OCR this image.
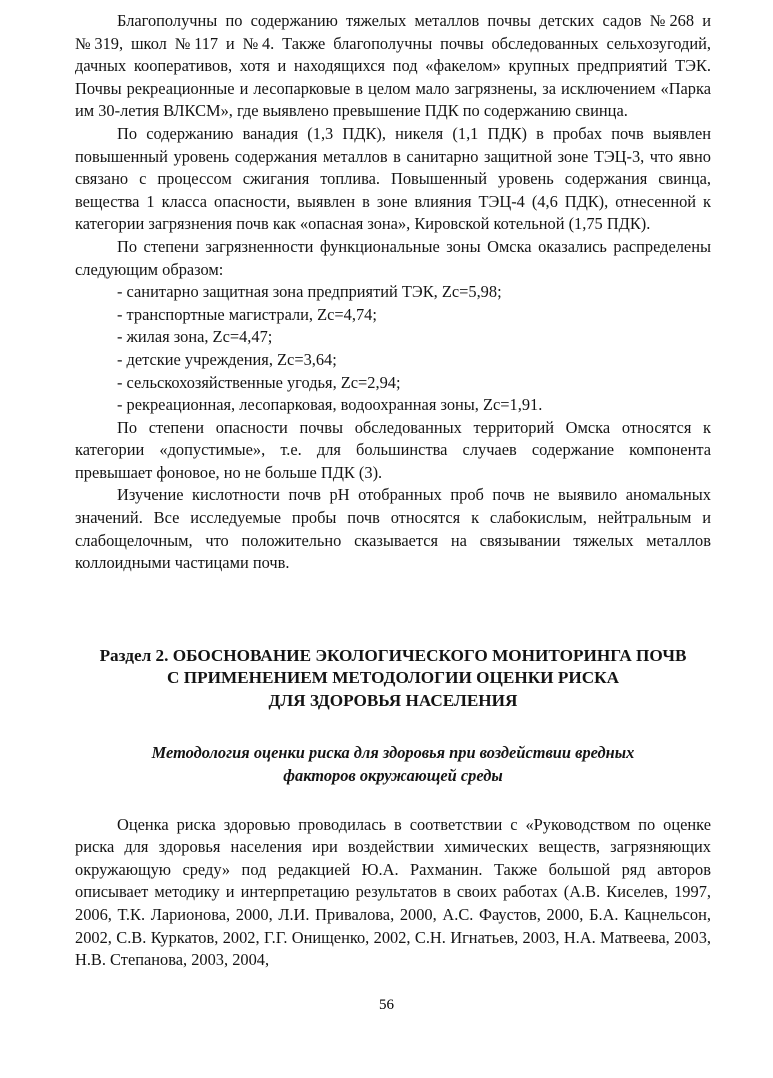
Благополучны по содержанию тяжелых металлов почвы детских садов №268 и №319, школ №117 и №4. Также благополучны почвы обследованных сельхозугодий, дачных кооперативов, хотя и находящихся под «факелом» крупных предприятий ТЭК. Почвы рекреационные и лесопарковые в целом мало загрязнены, за исключением «Парка им 30-летия ВЛКСМ», где выявлено превышение ПДК по содержанию свинца.

По содержанию ванадия (1,3 ПДК), никеля (1,1 ПДК) в пробах почв выявлен повышенный уровень содержания металлов в санитарно защитной зоне ТЭЦ-3, что явно связано с процессом сжигания топлива. Повышенный уровень содержания свинца, вещества 1 класса опасности, выявлен в зоне влияния ТЭЦ-4 (4,6 ПДК), отнесенной к категории загрязнения почв как «опасная зона», Кировской котельной (1,75 ПДК).

По степени загрязненности функциональные зоны Омска оказались распределены следующим образом:

- санитарно защитная зона предприятий ТЭК, Zc=5,98;
- транспортные магистрали, Zc=4,74;
- жилая зона, Zc=4,47;
- детские учреждения, Zc=3,64;
- сельскохозяйственные угодья, Zc=2,94;
- рекреационная, лесопарковая, водоохранная зоны, Zc=1,91.

По степени опасности почвы обследованных территорий Омска относятся к категории «допустимые», т.е. для большинства случаев содержание компонента превышает фоновое, но не больше ПДК (3).

Изучение кислотности почв pH отобранных проб почв не выявило аномальных значений. Все исследуемые пробы почв относятся к слабокислым, нейтральным и слабощелочным, что положительно сказывается на связывании тяжелых металлов коллоидными частицами почв.

Раздел 2. ОБОСНОВАНИЕ ЭКОЛОГИЧЕСКОГО МОНИТОРИНГА ПОЧВ
С ПРИМЕНЕНИЕМ МЕТОДОЛОГИИ ОЦЕНКИ РИСКА
ДЛЯ ЗДОРОВЬЯ НАСЕЛЕНИЯ
Методология оценки риска для здоровья при воздействии вредных
факторов окружающей среды

Оценка риска здоровью проводилась в соответствии с «Руководством по оценке риска для здоровья населения ири воздействии химических веществ, загрязняющих окружающую среду» под редакцией Ю.А. Рахманин. Также большой ряд авторов описывает методику и интерпретацию результатов в своих работах (А.В. Киселев, 1997, 2006, Т.К. Ларионова, 2000, Л.И. Привалова, 2000, А.С. Фаустов, 2000, Б.А. Кацнельсон, 2002, С.В. Куркатов, 2002, Г.Г. Онищенко, 2002, С.Н. Игнатьев, 2003, Н.А. Матвеева, 2003, Н.В. Степанова, 2003, 2004,

56
